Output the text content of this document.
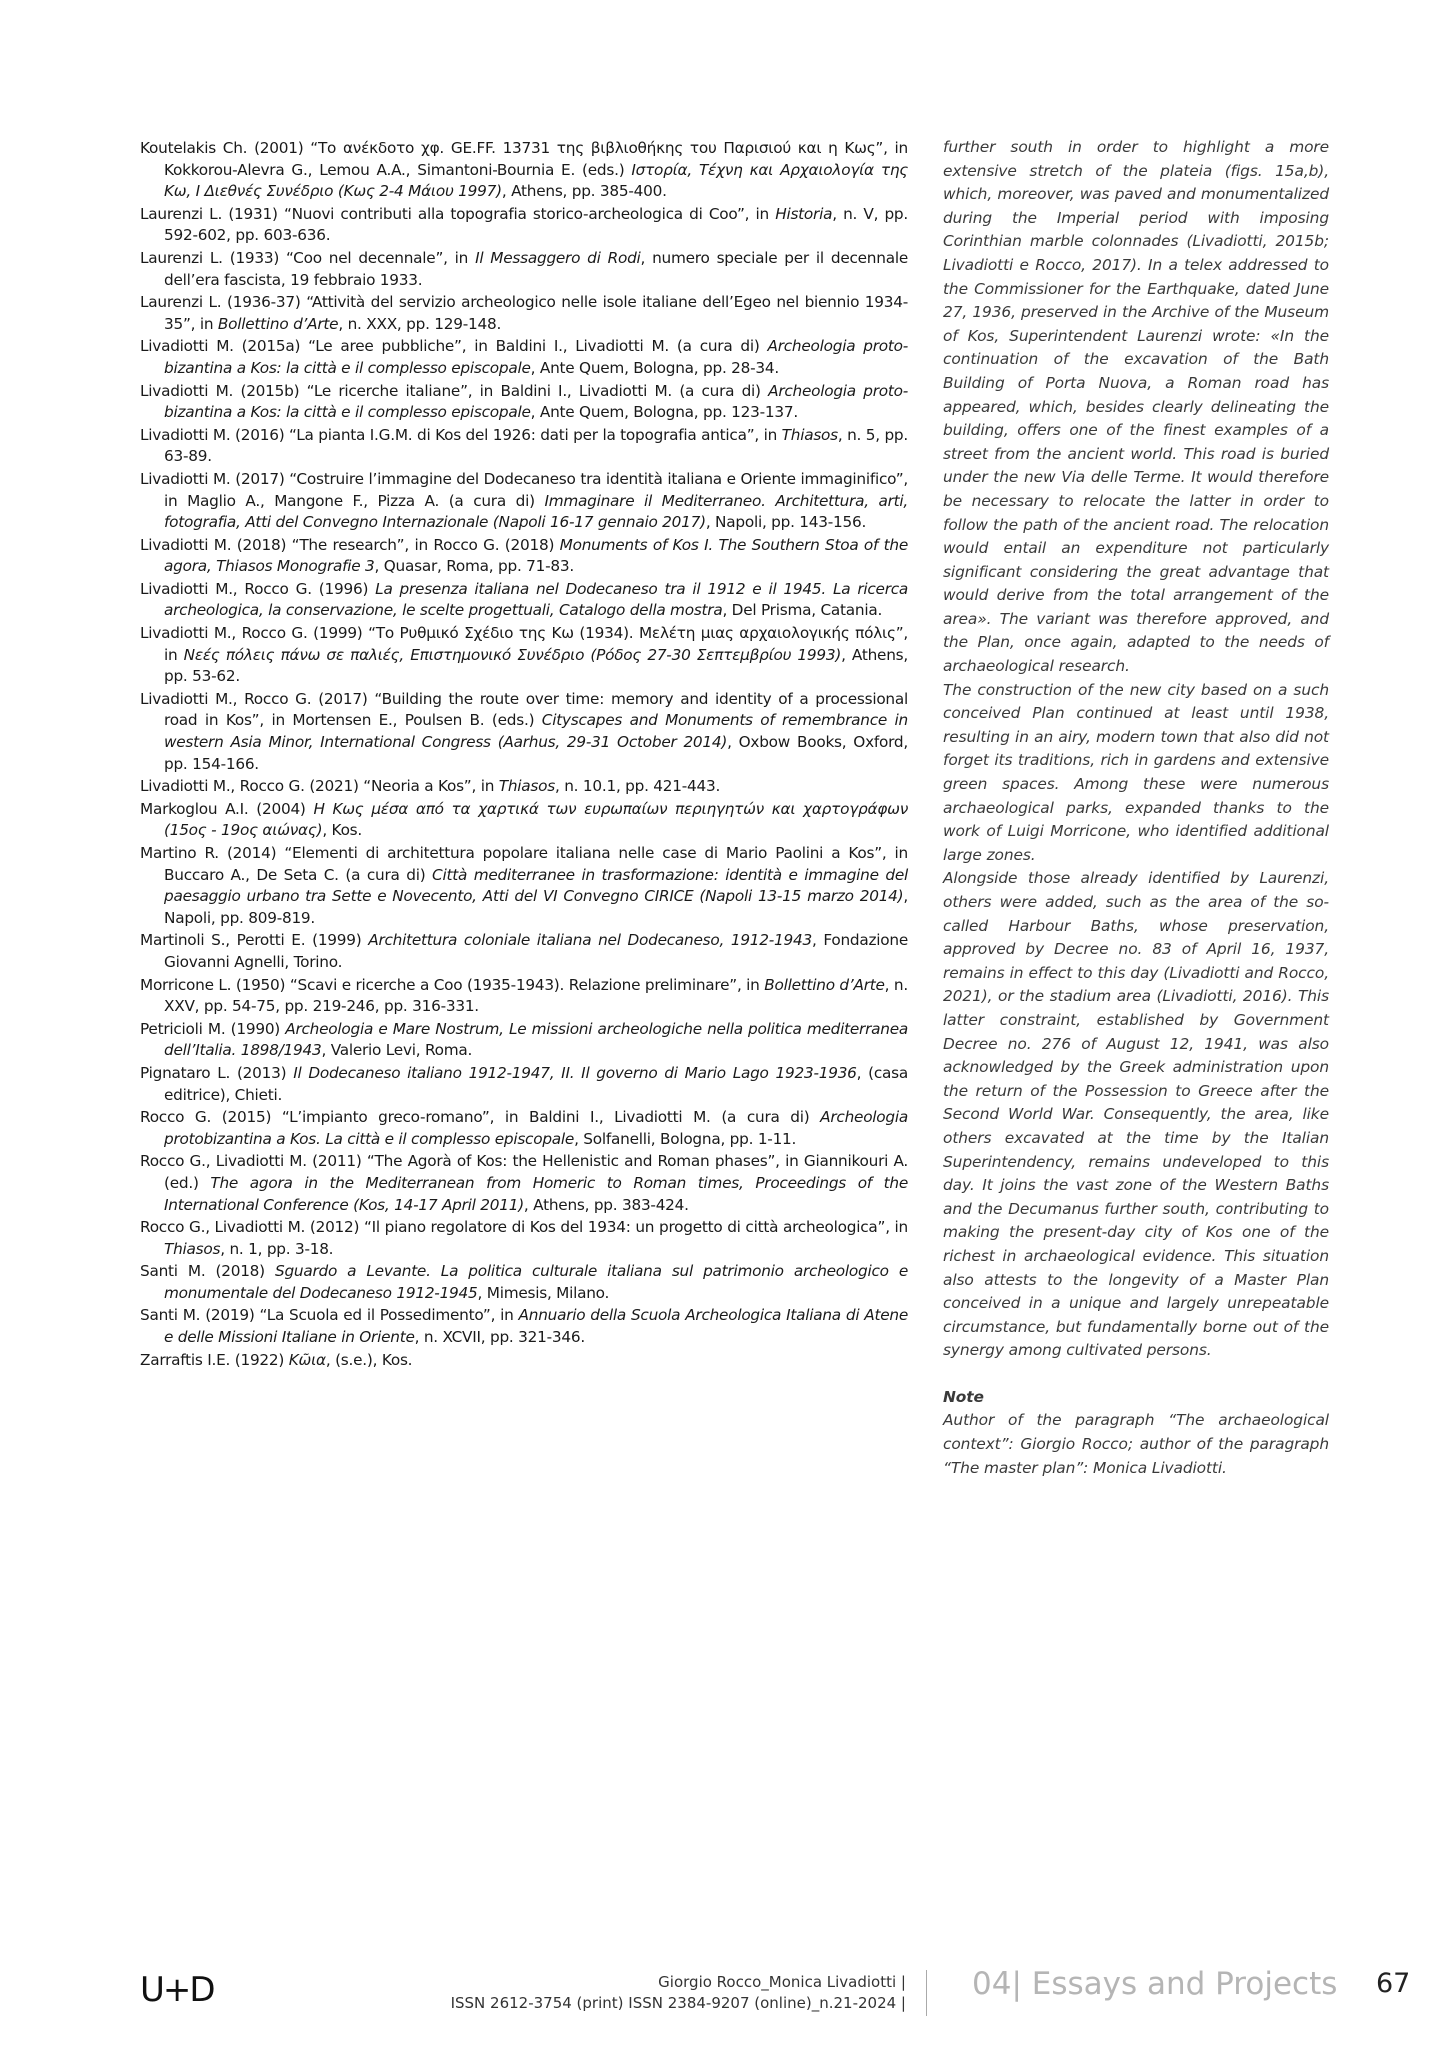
Koutelakis Ch. (2001) “Το ανέκδοτο χφ. GE.FF. 13731 της βιβλιοθήκης του Παρισιού και η Κως”, in Kokkorou-Alevra G., Lemou A.A., Simantoni-Bournia E. (eds.) Ιστορία, Τέχνη και Αρχαιολογία της Κω, I Διεθνές Συνέδριο (Κως 2-4 Μάιου 1997), Athens, pp. 385-400.

Laurenzi L. (1931) “Nuovi contributi alla topografia storico-archeologica di Coo”, in Historia, n. V, pp. 592-602, pp. 603-636.

Laurenzi L. (1933) “Coo nel decennale”, in Il Messaggero di Rodi, numero speciale per il decennale dell’era fascista, 19 febbraio 1933.

Laurenzi L. (1936-37) “Attività del servizio archeologico nelle isole italiane dell’Egeo nel biennio 1934-35”, in Bollettino d’Arte, n. XXX, pp. 129-148.

Livadiotti M. (2015a) “Le aree pubbliche”, in Baldini I., Livadiotti M. (a cura di) Archeologia proto-bizantina a Kos: la città e il complesso episcopale, Ante Quem, Bologna, pp. 28-34.

Livadiotti M. (2015b) “Le ricerche italiane”, in Baldini I., Livadiotti M. (a cura di) Archeologia proto-bizantina a Kos: la città e il complesso episcopale, Ante Quem, Bologna, pp. 123-137.

Livadiotti M. (2016) “La pianta I.G.M. di Kos del 1926: dati per la topografia antica”, in Thiasos, n. 5, pp. 63-89.

Livadiotti M. (2017) “Costruire l’immagine del Dodecaneso tra identità italiana e Oriente immaginifico”, in Maglio A., Mangone F., Pizza A. (a cura di) Immaginare il Mediterraneo. Architettura, arti, fotografia, Atti del Convegno Internazionale (Napoli 16-17 gennaio 2017), Napoli, pp. 143-156.

Livadiotti M. (2018) “The research”, in Rocco G. (2018) Monuments of Kos I. The Southern Stoa of the agora, Thiasos Monografie 3, Quasar, Roma, pp. 71-83.

Livadiotti M., Rocco G. (1996) La presenza italiana nel Dodecaneso tra il 1912 e il 1945. La ricerca archeologica, la conservazione, le scelte progettuali, Catalogo della mostra, Del Prisma, Catania.

Livadiotti M., Rocco G. (1999) “Το Ρυθμικό Σχέδιο της Κω (1934). Μελέτη μιας αρχαιολογικής πόλις”, in Νεές πόλεις πάνω σε παλιές, Επιστημονικό Συνέδριο (Ρόδος 27-30 Σεπτεμβρίου 1993), Athens, pp. 53-62.

Livadiotti M., Rocco G. (2017) “Building the route over time: memory and identity of a processional road in Kos”, in Mortensen E., Poulsen B. (eds.) Cityscapes and Monuments of remembrance in western Asia Minor, International Congress (Aarhus, 29-31 October 2014), Oxbow Books, Oxford, pp. 154-166.

Livadiotti M., Rocco G. (2021) “Neoria a Kos”, in Thiasos, n. 10.1, pp. 421-443.

Markoglou A.I. (2004) Η Κως μέσα από τα χαρτικά των ευρωπαίων περιηγητών και χαρτογράφων (15ος - 19ος αιώνας), Kos.

Martino R. (2014) “Elementi di architettura popolare italiana nelle case di Mario Paolini a Kos”, in Buccaro A., De Seta C. (a cura di) Città mediterranee in trasformazione: identità e immagine del paesaggio urbano tra Sette e Novecento, Atti del VI Convegno CIRICE (Napoli 13-15 marzo 2014), Napoli, pp. 809-819.

Martinoli S., Perotti E. (1999) Architettura coloniale italiana nel Dodecaneso, 1912-1943, Fondazione Giovanni Agnelli, Torino.

Morricone L. (1950) “Scavi e ricerche a Coo (1935-1943). Relazione preliminare”, in Bollettino d’Arte, n. XXV, pp. 54-75, pp. 219-246, pp. 316-331.

Petricioli M. (1990) Archeologia e Mare Nostrum, Le missioni archeologiche nella politica mediterranea dell’Italia. 1898/1943, Valerio Levi, Roma.

Pignataro L. (2013) Il Dodecaneso italiano 1912-1947, II. Il governo di Mario Lago 1923-1936, (casa editrice), Chieti.

Rocco G. (2015) “L’impianto greco-romano”, in Baldini I., Livadiotti M. (a cura di) Archeologia protobizantina a Kos. La città e il complesso episcopale, Solfanelli, Bologna, pp. 1-11.

Rocco G., Livadiotti M. (2011) “The Agorà of Kos: the Hellenistic and Roman phases”, in Giannikouri A. (ed.) The agora in the Mediterranean from Homeric to Roman times, Proceedings of the International Conference (Kos, 14-17 April 2011), Athens, pp. 383-424.

Rocco G., Livadiotti M. (2012) “Il piano regolatore di Kos del 1934: un progetto di città archeologica”, in Thiasos, n. 1, pp. 3-18.

Santi M. (2018) Sguardo a Levante. La politica culturale italiana sul patrimonio archeologico e monumentale del Dodecaneso 1912-1945, Mimesis, Milano.

Santi M. (2019) “La Scuola ed il Possedimento”, in Annuario della Scuola Archeologica Italiana di Atene e delle Missioni Italiane in Oriente, n. XCVII, pp. 321-346.

Zarraftis I.E. (1922) Κῶια, (s.e.), Kos.

further south in order to highlight a more extensive stretch of the plateia (figs. 15a,b), which, moreover, was paved and monumentalized during the Imperial period with imposing Corinthian marble colonnades (Livadiotti, 2015b; Livadiotti e Rocco, 2017). In a telex addressed to the Commissioner for the Earthquake, dated June 27, 1936, preserved in the Archive of the Museum of Kos, Superintendent Laurenzi wrote: «In the continuation of the excavation of the Bath Building of Porta Nuova, a Roman road has appeared, which, besides clearly delineating the building, offers one of the finest examples of a street from the ancient world. This road is buried under the new Via delle Terme. It would therefore be necessary to relocate the latter in order to follow the path of the ancient road. The relocation would entail an expenditure not particularly significant considering the great advantage that would derive from the total arrangement of the area». The variant was therefore approved, and the Plan, once again, adapted to the needs of archaeological research.

The construction of the new city based on a such conceived Plan continued at least until 1938, resulting in an airy, modern town that also did not forget its traditions, rich in gardens and extensive green spaces. Among these were numerous archaeological parks, expanded thanks to the work of Luigi Morricone, who identified additional large zones.

Alongside those already identified by Laurenzi, others were added, such as the area of the so-called Harbour Baths, whose preservation, approved by Decree no. 83 of April 16, 1937, remains in effect to this day (Livadiotti and Rocco, 2021), or the stadium area (Livadiotti, 2016). This latter constraint, established by Government Decree no. 276 of August 12, 1941, was also acknowledged by the Greek administration upon the return of the Possession to Greece after the Second World War. Consequently, the area, like others excavated at the time by the Italian Superintendency, remains undeveloped to this day. It joins the vast zone of the Western Baths and the Decumanus further south, contributing to making the present-day city of Kos one of the richest in archaeological evidence. This situation also attests to the longevity of a Master Plan conceived in a unique and largely unrepeatable circumstance, but fundamentally borne out of the synergy among cultivated persons.

Note

Author of the paragraph “The archaeological context”: Giorgio Rocco; author of the paragraph “The master plan”: Monica Livadiotti.

U+D	Giorgio Rocco_Monica Livadiotti |
ISSN 2612-3754 (print) ISSN 2384-9207 (online)_n.21-2024 |
04| Essays and Projects 67
